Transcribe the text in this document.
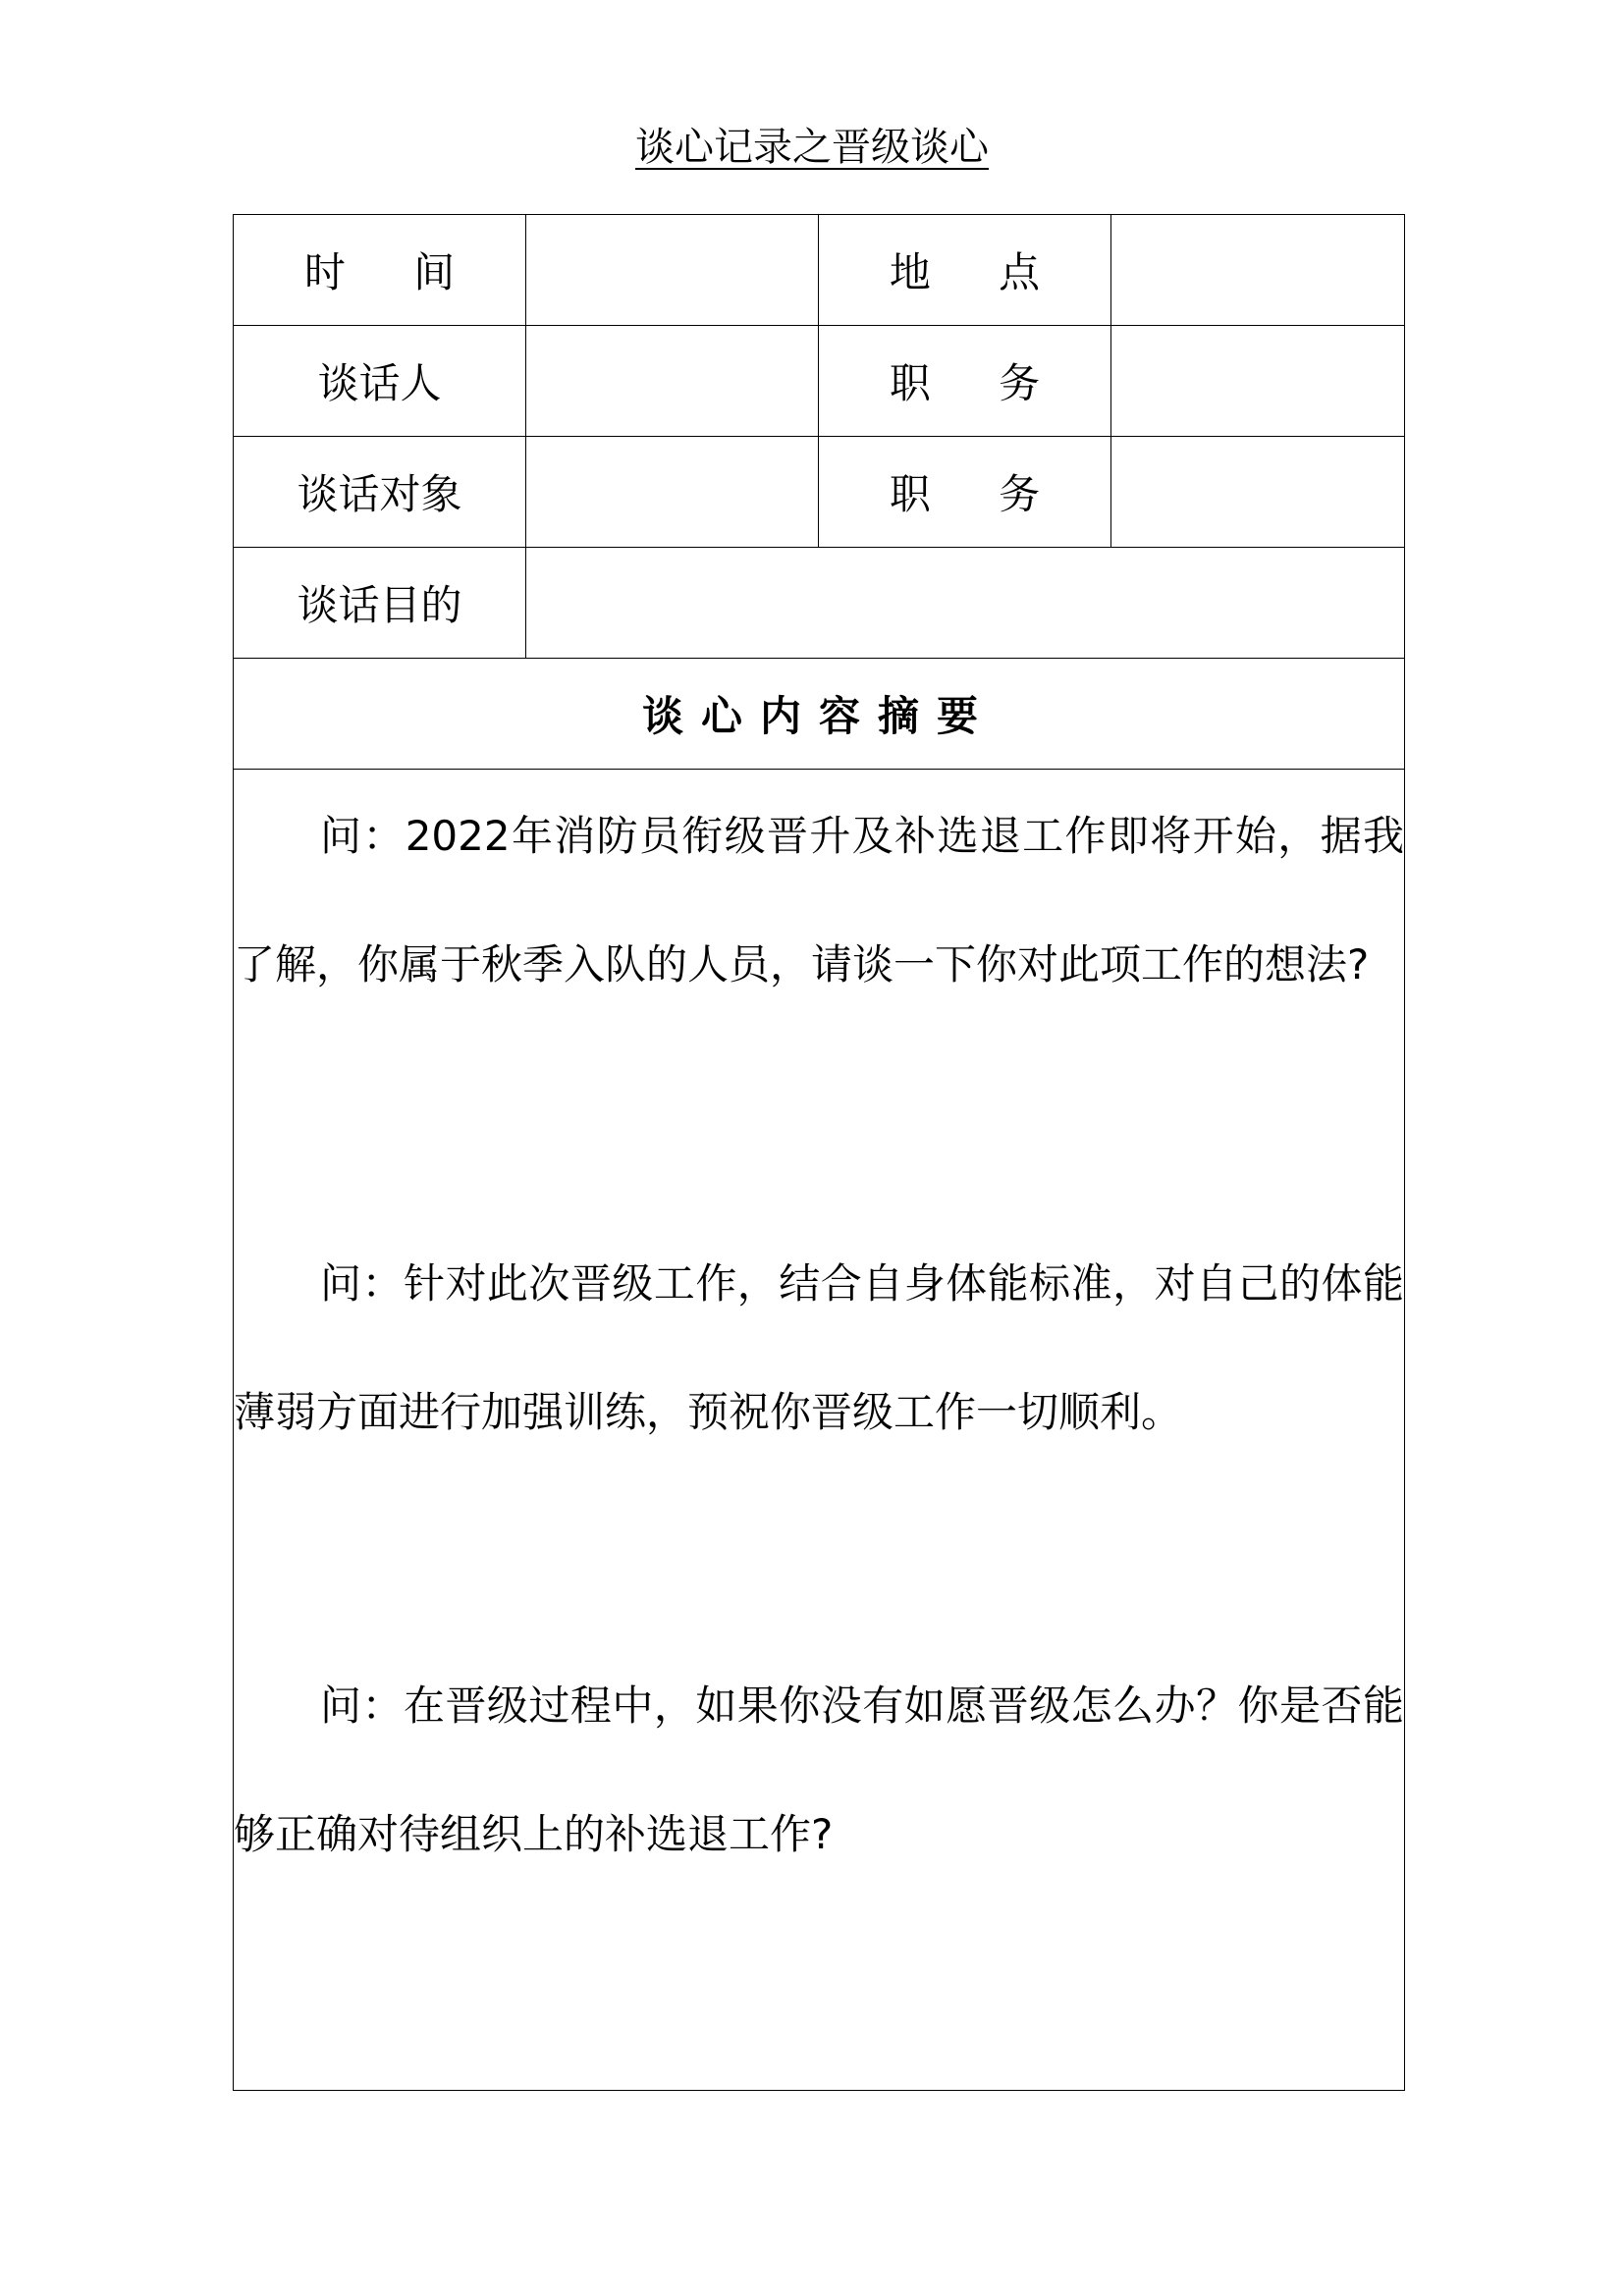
谈心记录之晋级谈心
时 间		地 点	
谈话人		职 务	
谈话对象		职 务	
谈话目的			
谈心内容摘要			

问：2022年消防员衔级晋升及补选退工作即将开始，据我了解，你属于秋季入队的人员，请谈一下你对此项工作的想法?
问：针对此次晋级工作，结合自身体能标准，对自己的体能薄弱方面进行加强训练，预祝你晋级工作一切顺利。
问：在晋级过程中，如果你没有如愿晋级怎么办？你是否能够正确对待组织上的补选退工作?			
